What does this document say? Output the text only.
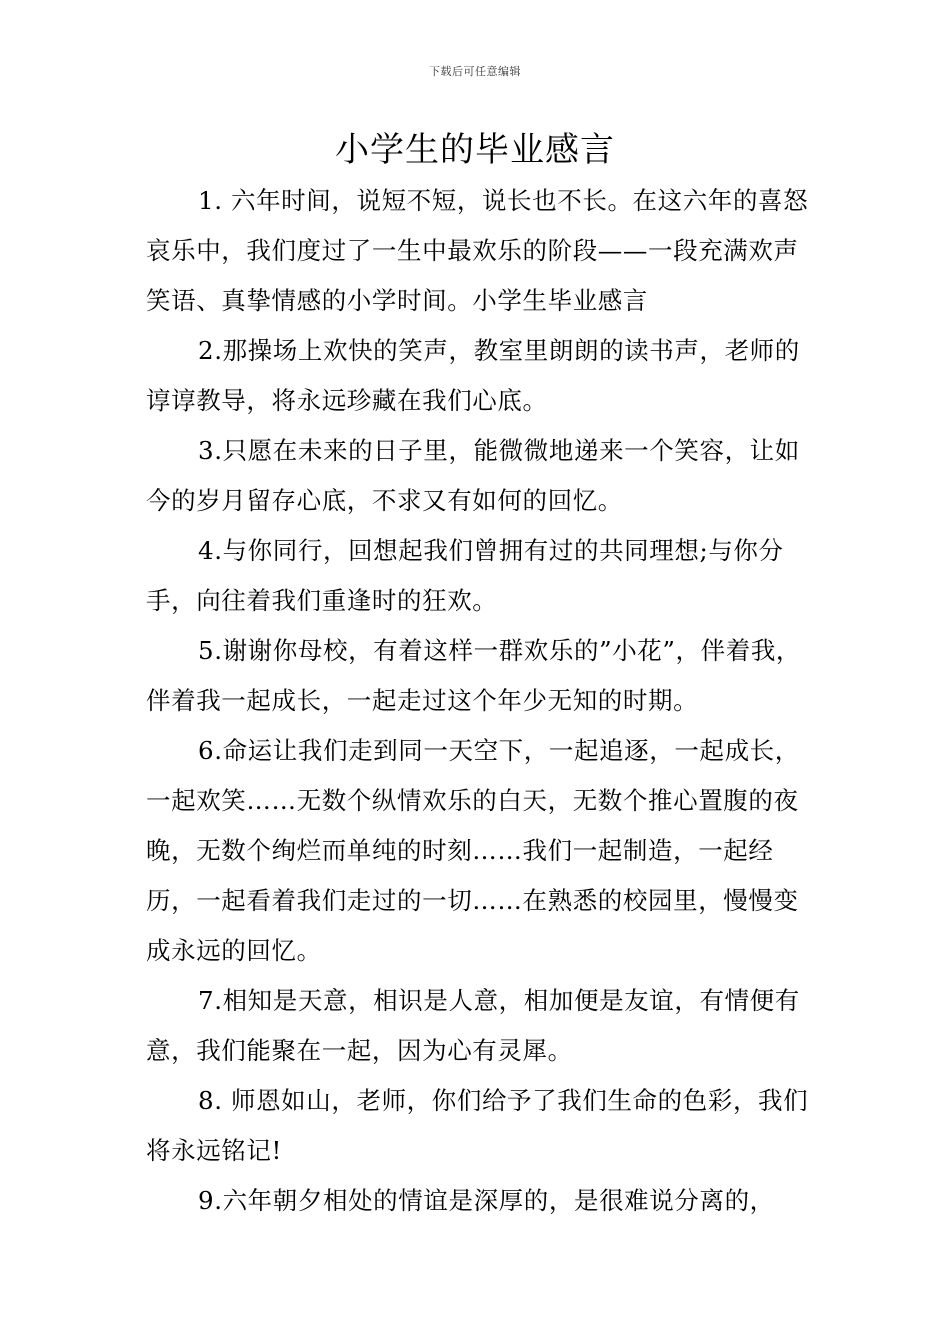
下载后可任意编辑
小学生的毕业感言

1. 六年时间，说短不短，说长也不长。在这六年的喜怒哀乐中，我们度过了一生中最欢乐的阶段——一段充满欢声笑语、真挚情感的小学时间。小学生毕业感言

2.那操场上欢快的笑声，教室里朗朗的读书声，老师的谆谆教导，将永远珍藏在我们心底。

3.只愿在未来的日子里，能微微地递来一个笑容，让如今的岁月留存心底，不求又有如何的回忆。

4.与你同行，回想起我们曾拥有过的共同理想;与你分手，向往着我们重逢时的狂欢。

5.谢谢你母校，有着这样一群欢乐的”小花”，伴着我，伴着我一起成长，一起走过这个年少无知的时期。

6.命运让我们走到同一天空下，一起追逐，一起成长，一起欢笑……无数个纵情欢乐的白天，无数个推心置腹的夜晚，无数个绚烂而单纯的时刻……我们一起制造，一起经历，一起看着我们走过的一切……在熟悉的校园里，慢慢变成永远的回忆。

7.相知是天意，相识是人意，相加便是友谊，有情便有意，我们能聚在一起，因为心有灵犀。

8. 师恩如山，老师，你们给予了我们生命的色彩，我们将永远铭记!

9.六年朝夕相处的情谊是深厚的，是很难说分离的，
